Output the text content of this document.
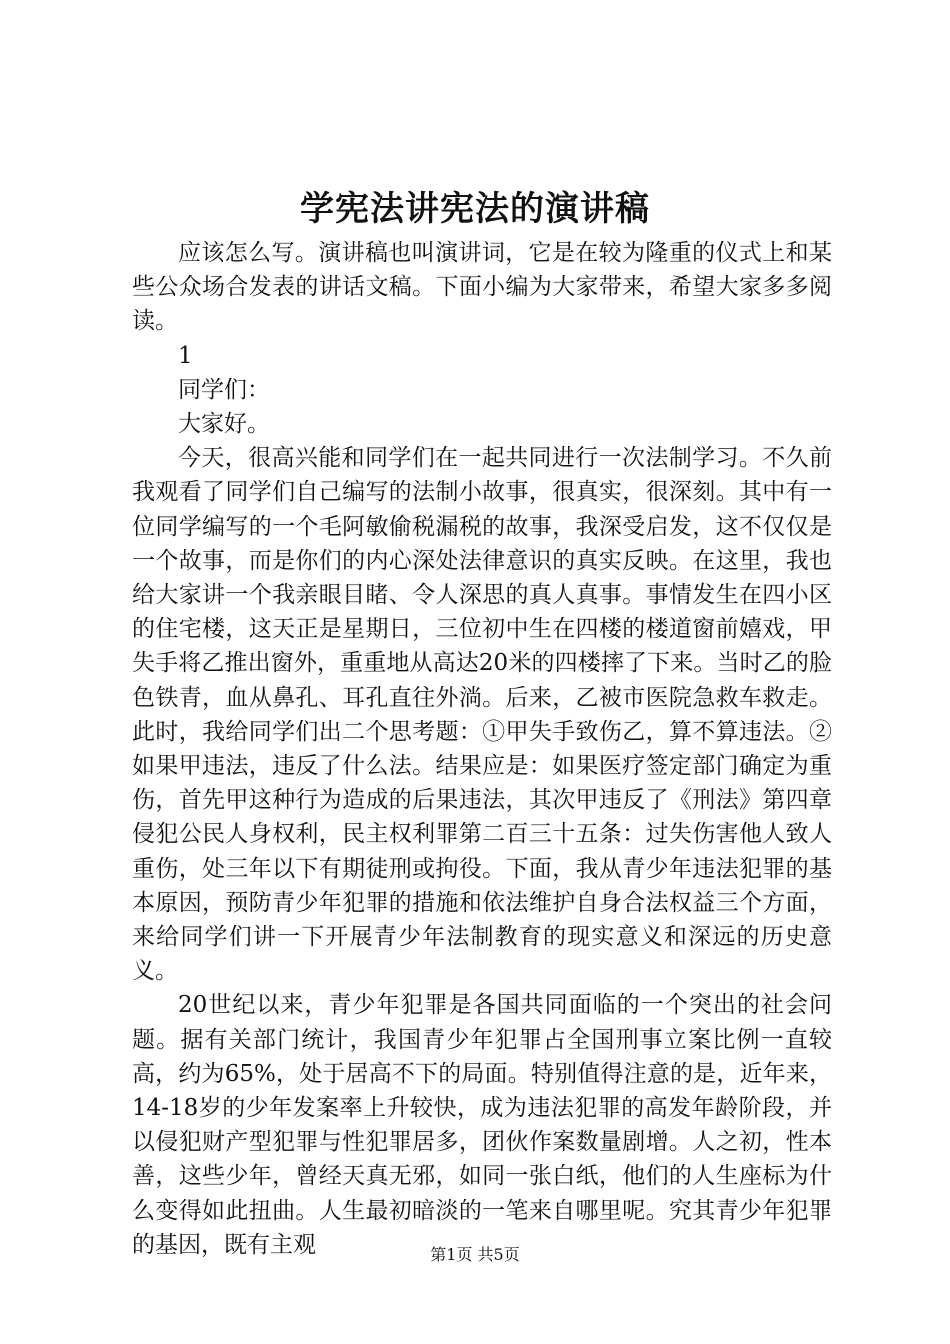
学宪法讲宪法的演讲稿

应该怎么写。演讲稿也叫演讲词，它是在较为隆重的仪式上和某些公众场合发表的讲话文稿。下面小编为大家带来，希望大家多多阅读。

1

同学们：

大家好。

今天，很高兴能和同学们在一起共同进行一次法制学习。不久前我观看了同学们自己编写的法制小故事，很真实，很深刻。其中有一位同学编写的一个毛阿敏偷税漏税的故事，我深受启发，这不仅仅是一个故事，而是你们的内心深处法律意识的真实反映。在这里，我也给大家讲一个我亲眼目睹、令人深思的真人真事。事情发生在四小区的住宅楼，这天正是星期日，三位初中生在四楼的楼道窗前嬉戏，甲失手将乙推出窗外，重重地从高达20米的四楼摔了下来。当时乙的脸色铁青，血从鼻孔、耳孔直往外淌。后来，乙被市医院急救车救走。此时，我给同学们出二个思考题：①甲失手致伤乙，算不算违法。②如果甲违法，违反了什么法。结果应是：如果医疗签定部门确定为重伤，首先甲这种行为造成的后果违法，其次甲违反了《刑法》第四章侵犯公民人身权利，民主权利罪第二百三十五条：过失伤害他人致人重伤，处三年以下有期徒刑或拘役。下面，我从青少年违法犯罪的基本原因，预防青少年犯罪的措施和依法维护自身合法权益三个方面，来给同学们讲一下开展青少年法制教育的现实意义和深远的历史意义。

20世纪以来，青少年犯罪是各国共同面临的一个突出的社会问题。据有关部门统计，我国青少年犯罪占全国刑事立案比例一直较高，约为65%，处于居高不下的局面。特别值得注意的是，近年来，14-18岁的少年发案率上升较快，成为违法犯罪的高发年龄阶段，并以侵犯财产型犯罪与性犯罪居多，团伙作案数量剧增。人之初，性本善，这些少年，曾经天真无邪，如同一张白纸，他们的人生座标为什么变得如此扭曲。人生最初暗淡的一笔来自哪里呢。究其青少年犯罪的基因，既有主观	第1页 共5页
